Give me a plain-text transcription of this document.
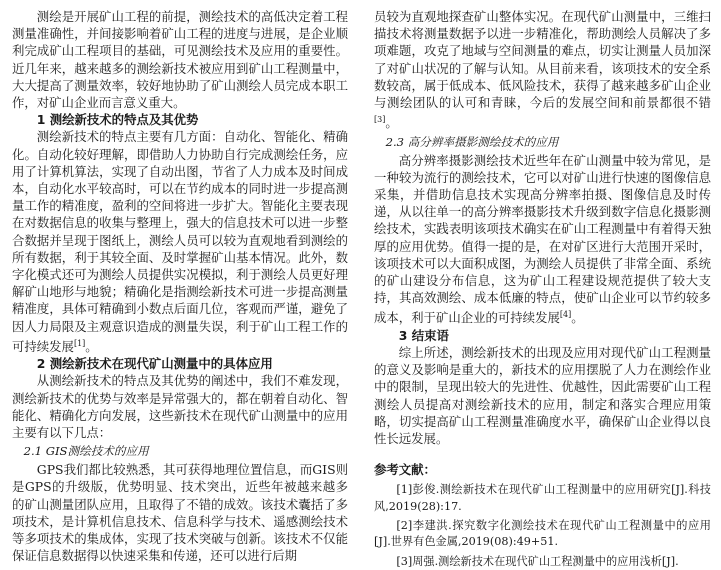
测绘是开展矿山工程的前提，测绘技术的高低决定着工程测量准确性，并间接影响着矿山工程的进度与进展，是企业顺利完成矿山工程项目的基础，可见测绘技术及应用的重要性。近几年来，越来越多的测绘新技术被应用到矿山工程测量中，大大提高了测量效率，较好地协助了矿山测绘人员完成本职工作，对矿山企业而言意义重大。

1 测绘新技术的特点及其优势

测绘新技术的特点主要有几方面：自动化、智能化、精确化。自动化较好理解，即借助人力协助自行完成测绘任务，应用了计算机算法，实现了自动出图，节省了人力成本及时间成本，自动化水平较高时，可以在节约成本的同时进一步提高测量工作的精准度，盈利的空间将进一步扩大。智能化主要表现在对数据信息的收集与整理上，强大的信息技术可以进一步整合数据并呈现于图纸上，测绘人员可以较为直观地看到测绘的所有数据，利于其较全面、及时掌握矿山基本情况。此外，数字化模式还可为测绘人员提供实况模拟，利于测绘人员更好理解矿山地形与地貌；精确化是指测绘新技术可进一步提高测量精准度，具体可精确到小数点后面几位，客观而严谨，避免了因人力局限及主观意识造成的测量失误，利于矿山工程工作的可持续发展[1]。

2 测绘新技术在现代矿山测量中的具体应用

从测绘新技术的特点及其优势的阐述中，我们不难发现，测绘新技术的优势与效率是异常强大的，都在朝着自动化、智能化、精确化方向发展，这些新技术在现代矿山测量中的应用主要有以下几点：

2.1 GIS测绘技术的应用

GPS我们都比较熟悉，其可获得地理位置信息，而GIS则是GPS的升级版，优势明显、技术突出，近些年被越来越多的矿山测量团队应用，且取得了不错的成效。该技术囊括了多项技术，是计算机信息技术、信息科学与技术、遥感测绘技术等多项技术的集成体，实现了技术突破与创新。该技术不仅能保证信息数据得以快速采集和传递，还可以进行后期

员较为直观地探查矿山整体实况。在现代矿山测量中，三维扫描技术将测量数据予以进一步精准化，帮助测绘人员解决了多项难题，攻克了地域与空间测量的难点，切实让测量人员加深了对矿山状况的了解与认知。从目前来看，该项技术的安全系数较高，属于低成本、低风险技术，获得了越来越多矿山企业与测绘团队的认可和青睐，今后的发展空间和前景都很不错[3]。

2.3 高分辨率摄影测绘技术的应用

高分辨率摄影测绘技术近些年在矿山测量中较为常见，是一种较为流行的测绘技术，它可以对矿山进行快速的图像信息采集，并借助信息技术实现高分辨率拍摄、图像信息及时传递，从以往单一的高分辨率摄影技术升级到数字信息化摄影测绘技术，实践表明该项技术确实在矿山工程测量中有着得天独厚的应用优势。值得一提的是，在对矿区进行大范围开采时，该项技术可以大面积成图，为测绘人员提供了非常全面、系统的矿山建设分布信息，这为矿山工程建设规范提供了较大支持，其高效测绘、成本低廉的特点，使矿山企业可以节约较多成本，利于矿山企业的可持续发展[4]。

3 结束语

综上所述，测绘新技术的出现及应用对现代矿山工程测量的意义及影响是重大的，新技术的应用摆脱了人力在测绘作业中的限制，呈现出较大的先进性、优越性，因此需要矿山工程测绘人员提高对测绘新技术的应用，制定和落实合理应用策略，切实提高矿山工程测量准确度水平，确保矿山企业得以良性长远发展。

参考文献：

[1]彭俊.测绘新技术在现代矿山工程测量中的应用研究[J].科技风,2019(28):17.

[2]李建洪.探究数字化测绘技术在现代矿山工程测量中的应用[J].世界有色金属,2019(08):49+51.

[3]周强.测绘新技术在现代矿山工程测量中的应用浅析[J].
